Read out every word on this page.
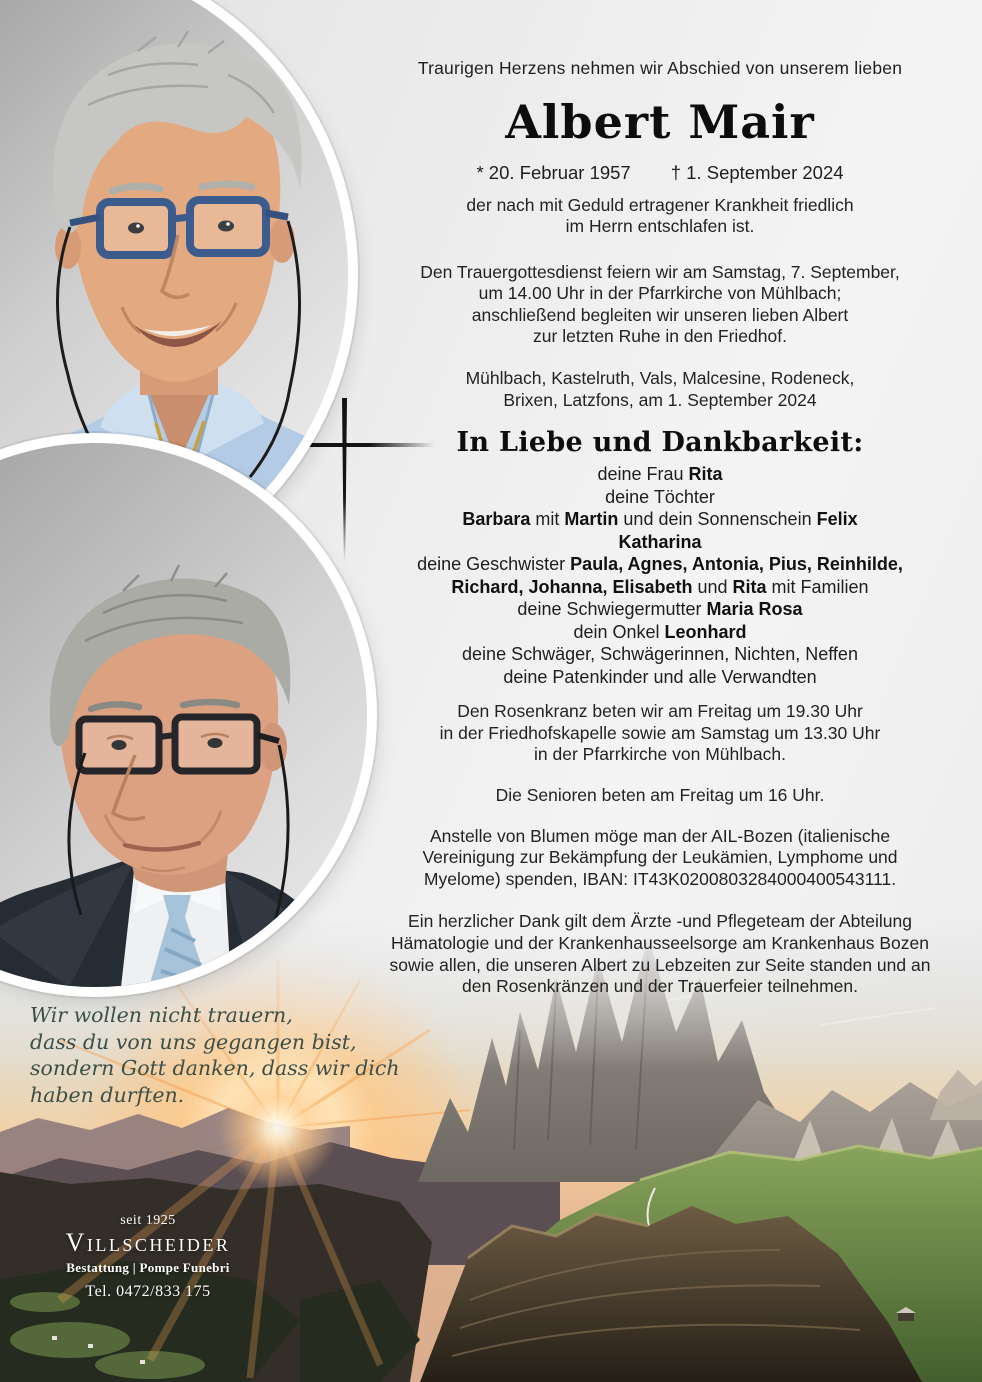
Traurigen Herzens nehmen wir Abschied von unserem lieben
Albert Mair
* 20. Februar 1957 † 1. September 2024
der nach mit Geduld ertragener Krankheit friedlich
im Herrn entschlafen ist.
Den Trauergottesdienst feiern wir am Samstag, 7. September,
um 14.00 Uhr in der Pfarrkirche von Mühlbach;
anschließend begleiten wir unseren lieben Albert
zur letzten Ruhe in den Friedhof.
Mühlbach, Kastelruth, Vals, Malcesine, Rodeneck,
Brixen, Latzfons, am 1. September 2024
In Liebe und Dankbarkeit:
deine Frau Rita
deine Töchter
Barbara mit Martin und dein Sonnenschein Felix
Katharina
deine Geschwister Paula, Agnes, Antonia, Pius, Reinhilde,
Richard, Johanna, Elisabeth und Rita mit Familien
deine Schwiegermutter Maria Rosa
dein Onkel Leonhard
deine Schwäger, Schwägerinnen, Nichten, Neffen
deine Patenkinder und alle Verwandten
Den Rosenkranz beten wir am Freitag um 19.30 Uhr
in der Friedhofskapelle sowie am Samstag um 13.30 Uhr
in der Pfarrkirche von Mühlbach.
Die Senioren beten am Freitag um 16 Uhr.
Anstelle von Blumen möge man der AIL-Bozen (italienische
Vereinigung zur Bekämpfung der Leukämien, Lymphome und
Myelome) spenden, IBAN: IT43K0200803284000400543111.
Ein herzlicher Dank gilt dem Ärzte -und Pflegeteam der Abteilung
Hämatologie und der Krankenhausseelsorge am Krankenhaus Bozen
sowie allen, die unseren Albert zu Lebzeiten zur Seite standen und an
den Rosenkränzen und der Trauerfeier teilnehmen.
Wir wollen nicht trauern,
dass du von uns gegangen bist,
sondern Gott danken, dass wir dich
haben durften.
seit 1925
Villscheider
Bestattung | Pompe Funebri
Tel. 0472/833 175
